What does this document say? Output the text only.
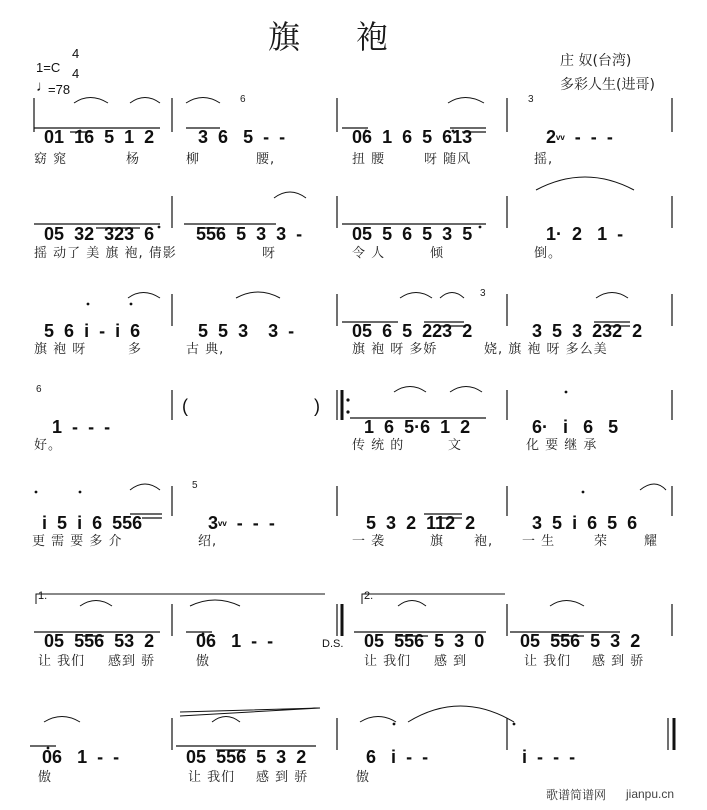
旗袍
庄 奴(台湾)
多彩人生(进哥)
1=C
4
4
♩
=78

01 16 5 1 2	3 6 5 - -

6

06 1 6 5 613

3

2ᵛᵛ - - -

窈 窕	杨	柳	腰,	扭 腰	呀 随风	摇,

05 32 323 6	556 5 3 3 -	05 5 6 5 3 5	1· 2 1 -

摇 动了 美 旗 袍, 倩影	呀	令 人	倾	倒。

5 6 i - i 6	5 5 3 3 -	05 6 5 223 2

3

3 5 3 232 2

旗 袍 呀	多	古 典,	旗 袍 呀 多娇	娆, 旗 袍 呀 多么美
6

1 - - -

(	)

1 6 5·6 1 2	6· i 6 5

好。	传 统 的	文	化 要 继 承

i 5 i 6 556

5

3ᵛᵛ - - -	5 3 2 112 2	3 5 i 6 5 6

更 需 要 多 介	绍,	一 袭	旗 袍, 一 生	荣	耀
1.	2.

05 556 53 2	06 1 - -	05 556 5 3 0	05 556 5 3 2

D.S.
让 我们 感到 骄	傲	让 我们 感 到	让 我们 感 到 骄

06 1 - -	05 556 5 3 2	6 i - -	i - - -

傲	让 我们 感 到 骄	傲
歌谱简谱网 jianpu.cn
